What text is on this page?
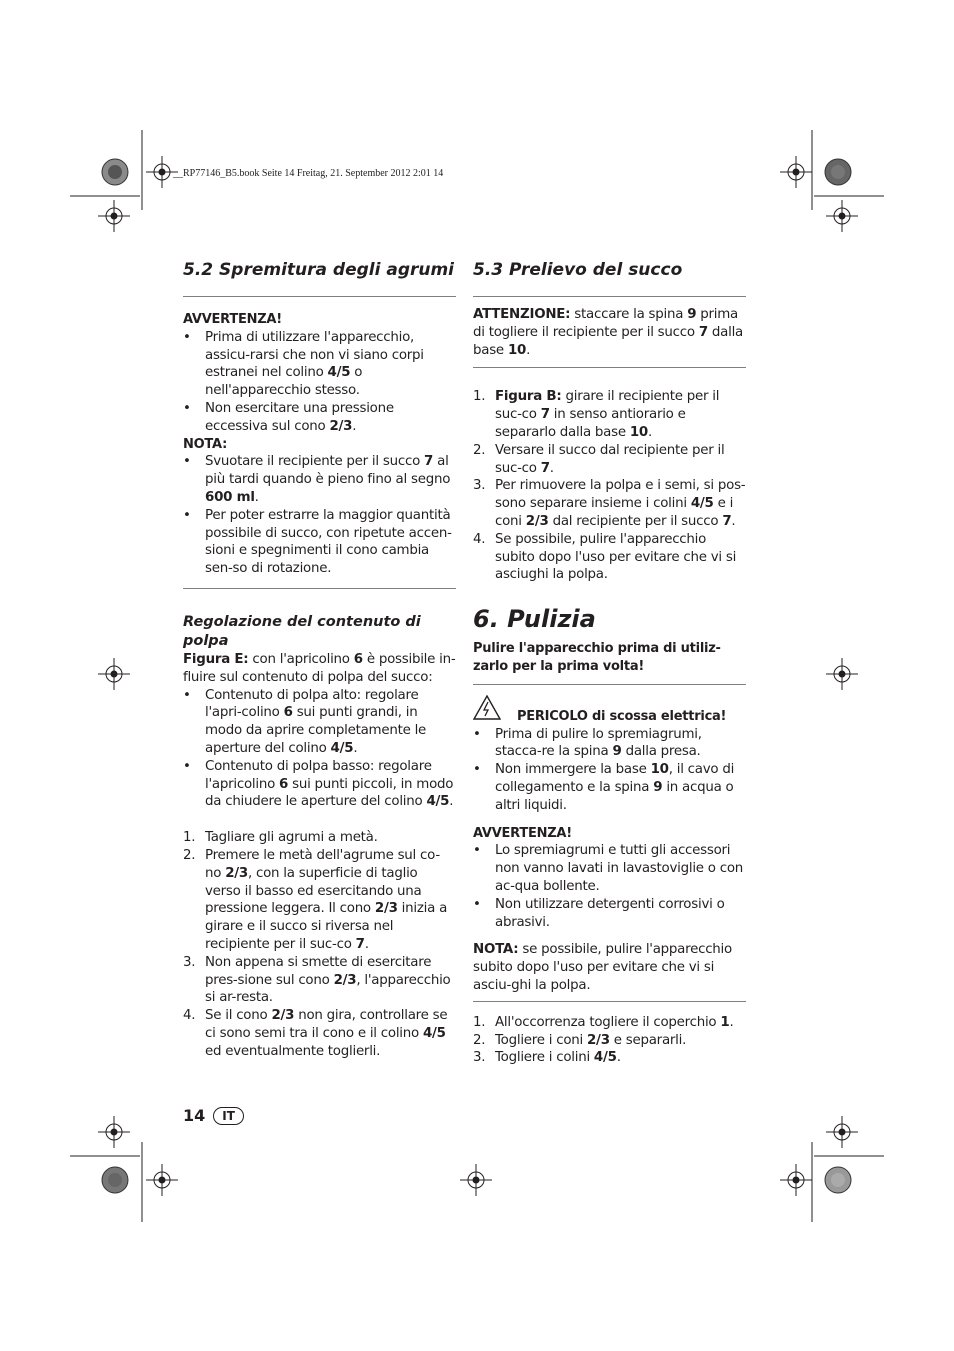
__RP77146_B5.book Seite 14 Freitag, 21. September 2012 2:01 14
5.2 Spremitura degli agrumi
AVVERTENZA!
• Prima di utilizzare l'apparecchio, assicu-rarsi che non vi siano corpi estranei nel colino 4/5 o nell'apparecchio stesso.
• Non esercitare una pressione eccessiva sul cono 2/3.
NOTA:
• Svuotare il recipiente per il succo 7 al più tardi quando è pieno fino al segno 600 ml.
• Per poter estrarre la maggior quantità possibile di succo, con ripetute accen-sioni e spegnimenti il cono cambia sen-so di rotazione.
Regolazione del contenuto di polpa

Figura E: con l'apricolino 6 è possibile in-fluire sul contenuto di polpa del succo:

• Contenuto di polpa alto: regolare l'apri-colino 6 sui punti grandi, in modo da aprire completamente le aperture del colino 4/5.
• Contenuto di polpa basso: regolare l'apricolino 6 sui punti piccoli, in modo da chiudere le aperture del colino 4/5.
1. Tagliare gli agrumi a metà.
2. Premere le metà dell'agrume sul co-no 2/3, con la superficie di taglio verso il basso ed esercitando una pressione leggera. Il cono 2/3 inizia a girare e il succo si riversa nel recipiente per il suc-co 7.
3. Non appena si smette di esercitare pres-sione sul cono 2/3, l'apparecchio si ar-resta.
4. Se il cono 2/3 non gira, controllare se ci sono semi tra il cono e il colino 4/5 ed eventualmente toglierli.
5.3 Prelievo del succo

ATTENZIONE: staccare la spina 9 prima di togliere il recipiente per il succo 7 dalla base 10.

1. Figura B: girare il recipiente per il suc-co 7 in senso antiorario e separarlo dalla base 10.
2. Versare il succo dal recipiente per il suc-co 7.
3. Per rimuovere la polpa e i semi, si pos-sono separare insieme i colini 4/5 e i coni 2/3 dal recipiente per il succo 7.
4. Se possibile, pulire l'apparecchio subito dopo l'uso per evitare che vi si asciughi la polpa.
6. Pulizia
Pulire l'apparecchio prima di utiliz-zarlo per la prima volta!
PERICOLO di scossa elettrica!
• Prima di pulire lo spremiagrumi, stacca-re la spina 9 dalla presa.
• Non immergere la base 10, il cavo di collegamento e la spina 9 in acqua o altri liquidi.
AVVERTENZA!
• Lo spremiagrumi e tutti gli accessori non vanno lavati in lavastoviglie o con ac-qua bollente.
• Non utilizzare detergenti corrosivi o abrasivi.

NOTA: se possibile, pulire l'apparecchio subito dopo l'uso per evitare che vi si asciu-ghi la polpa.

1. All'occorrenza togliere il coperchio 1.
2. Togliere i coni 2/3 e separarli.
3. Togliere i colini 4/5.
14	IT
